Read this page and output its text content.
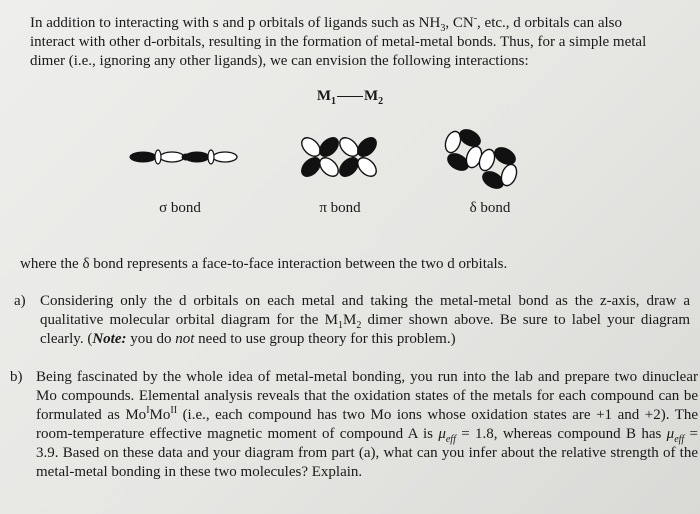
In addition to interacting with s and p orbitals of ligands such as $NH_3$, CN-, etc., d orbitals can also interact with other d-orbitals, resulting in the formation of metal-metal bonds. Thus, for a simple metal dimer (i.e., ignoring any other ligands), we can envision the following interactions:
$M_1$ $M_2$
σ bond	π bond	δ bond
where the δ bond represents a face-to-face interaction between the two d orbitals.
a) Considering only the d orbitals on each metal and taking the metal-metal bond as the z-axis, draw a qualitative molecular orbital diagram for the $M_1M_2$ dimer shown above. Be sure to label your diagram clearly. (Note: you do not need to use group theory for this problem.)
b) Being fascinated by the whole idea of metal-metal bonding, you run into the lab and prepare two dinuclear Mo compounds. Elemental analysis reveals that the oxidation states of the metals for each compound can be formulated as $Mo^IMo^{II}$ (i.e., each compound has two Mo ions whose oxidation states are +1 and +2). The room-temperature effective magnetic moment of compound A is $\mu_{eff} = 1.8$, whereas compound B has $\mu_{eff} = 3.9$. Based on these data and your diagram from part (a), what can you infer about the relative strength of the metal-metal bonding in these two molecules? Explain.
